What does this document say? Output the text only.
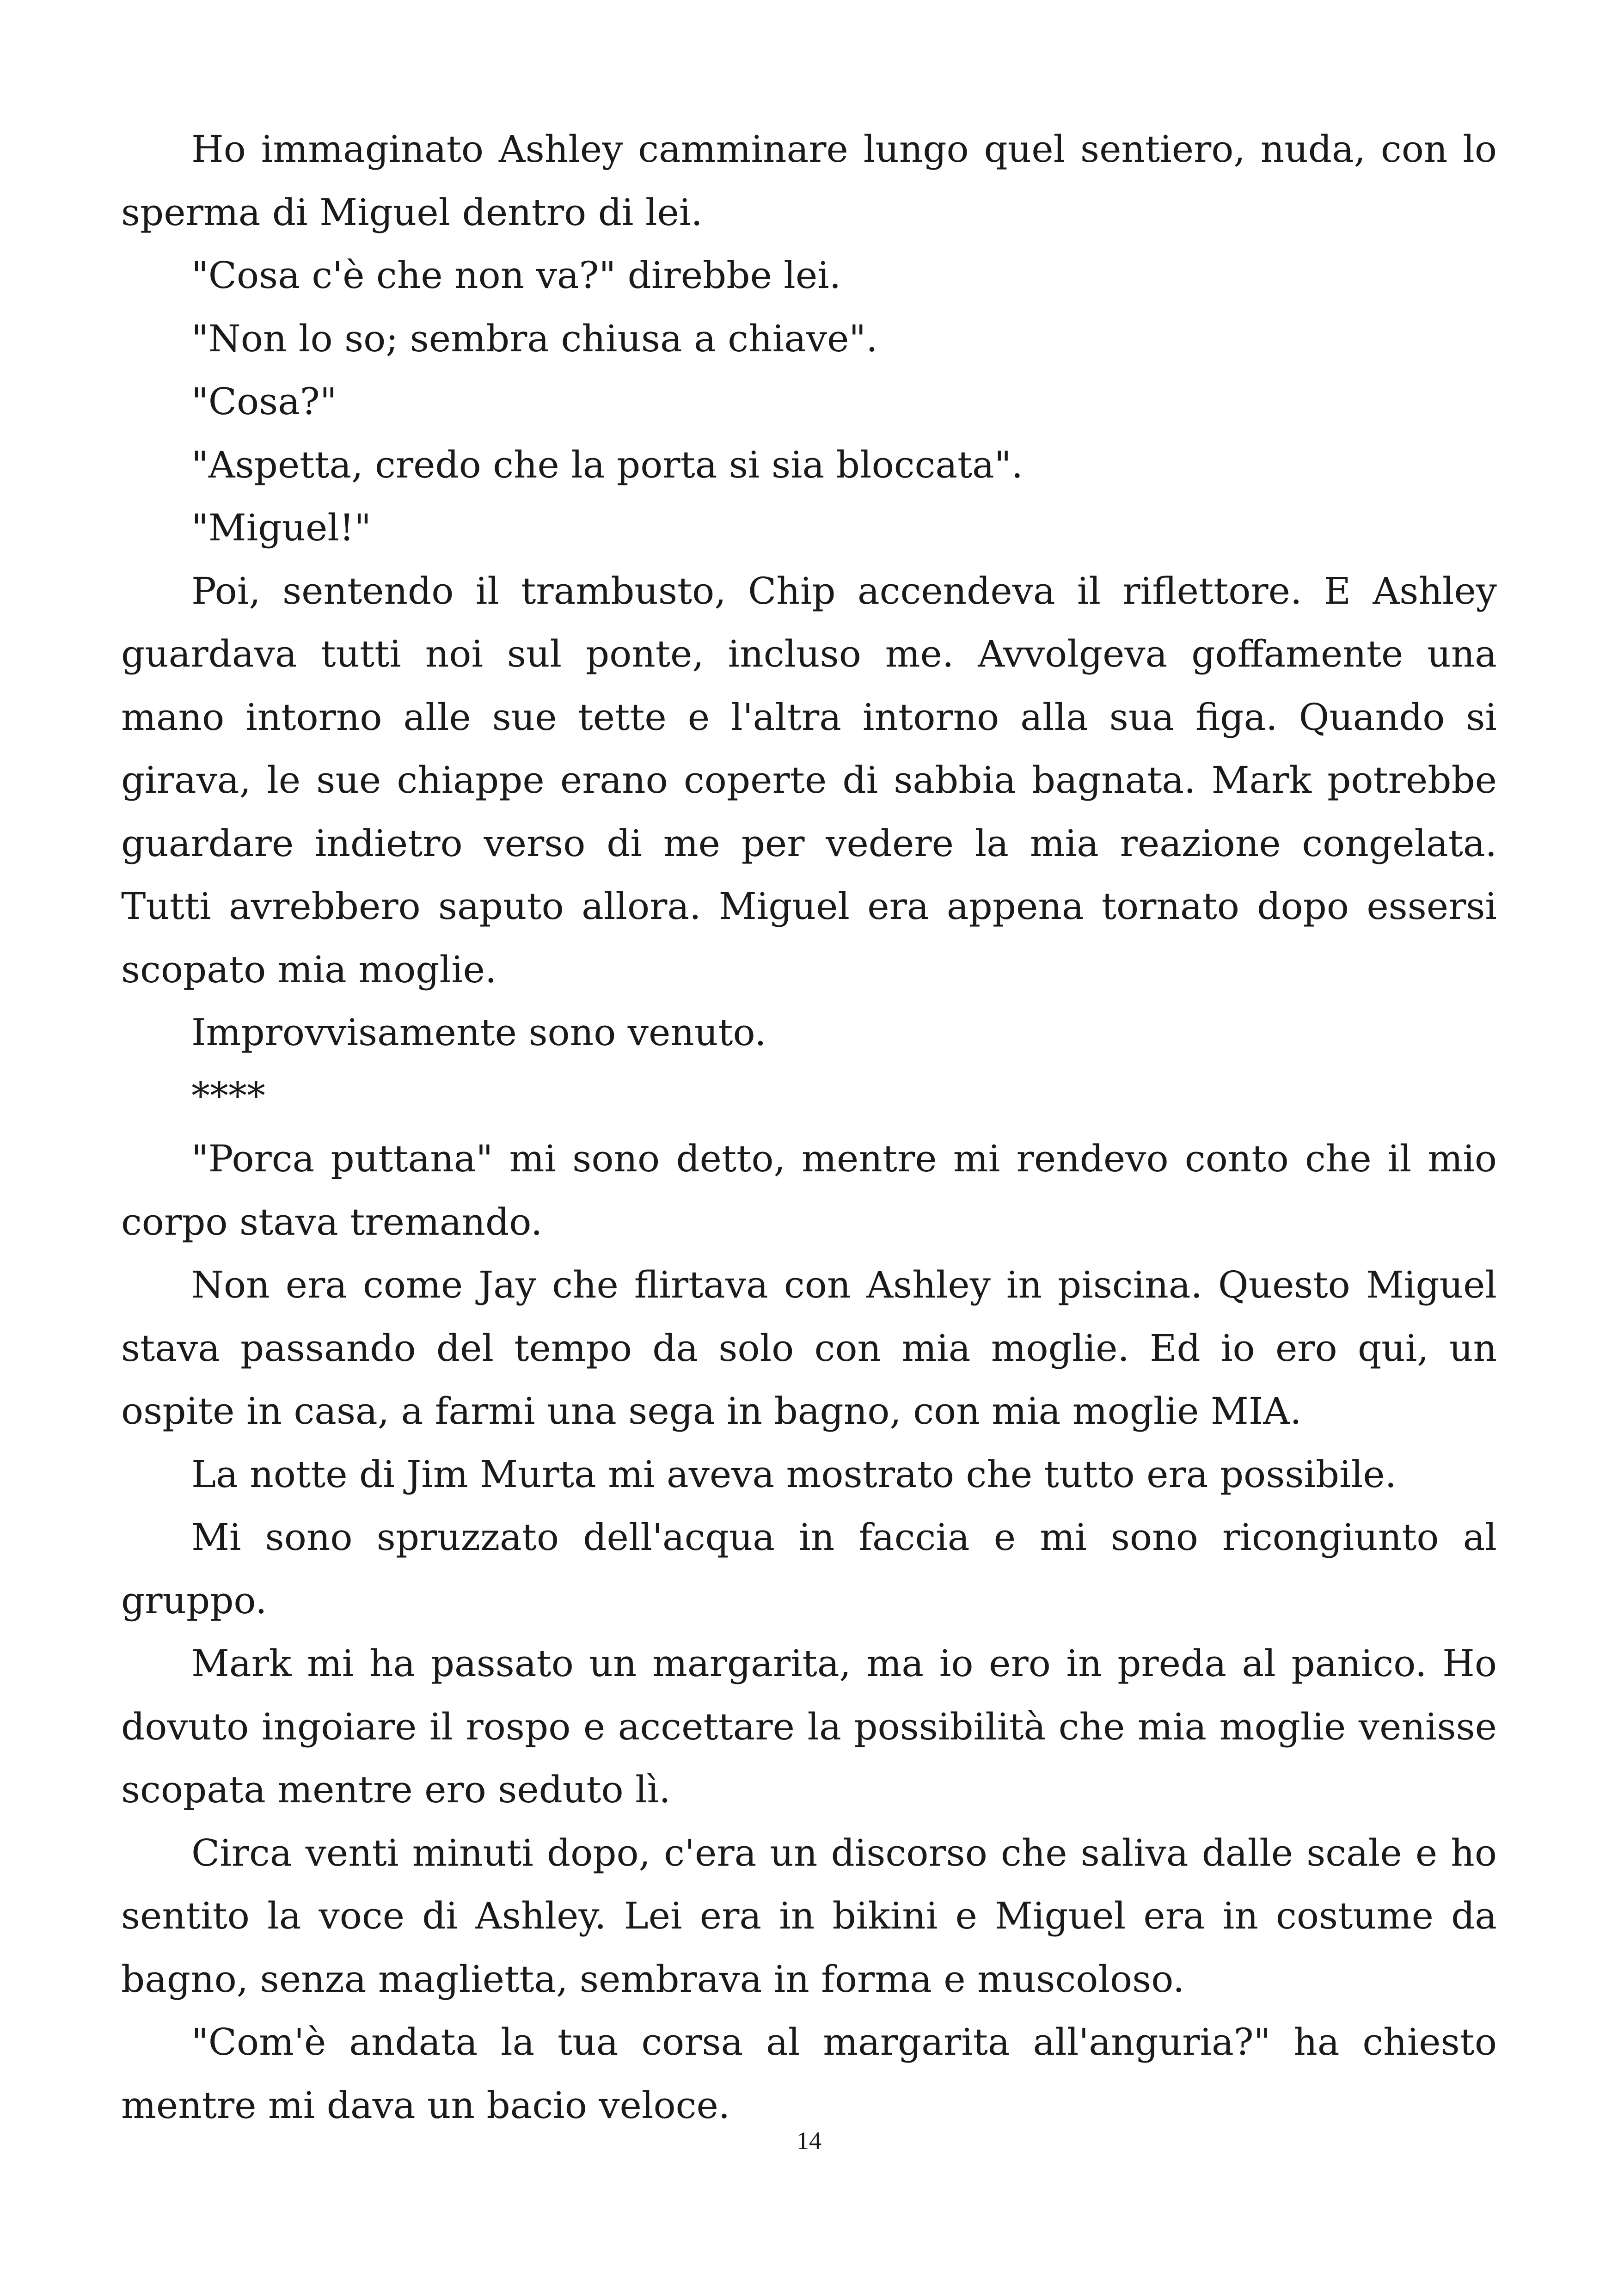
Ho immaginato Ashley camminare lungo quel sentiero, nuda, con lo sperma di Miguel dentro di lei.

"Cosa c'è che non va?" direbbe lei.

"Non lo so; sembra chiusa a chiave".

"Cosa?"

"Aspetta, credo che la porta si sia bloccata".

"Miguel!"

Poi, sentendo il trambusto, Chip accendeva il riflettore. E Ashley guardava tutti noi sul ponte, incluso me. Avvolgeva goffamente una mano intorno alle sue tette e l'altra intorno alla sua figa. Quando si girava, le sue chiappe erano coperte di sabbia bagnata. Mark potrebbe guardare indietro verso di me per vedere la mia reazione congelata. Tutti avrebbero saputo allora. Miguel era appena tornato dopo essersi scopato mia moglie.

Improvvisamente sono venuto.

****

"Porca puttana" mi sono detto, mentre mi rendevo conto che il mio corpo stava tremando.

Non era come Jay che flirtava con Ashley in piscina. Questo Miguel stava passando del tempo da solo con mia moglie. Ed io ero qui, un ospite in casa, a farmi una sega in bagno, con mia moglie MIA.

La notte di Jim Murta mi aveva mostrato che tutto era possibile.

Mi sono spruzzato dell'acqua in faccia e mi sono ricongiunto al gruppo.

Mark mi ha passato un margarita, ma io ero in preda al panico. Ho dovuto ingoiare il rospo e accettare la possibilità che mia moglie venisse scopata mentre ero seduto lì.

Circa venti minuti dopo, c'era un discorso che saliva dalle scale e ho sentito la voce di Ashley. Lei era in bikini e Miguel era in costume da bagno, senza maglietta, sembrava in forma e muscoloso.

"Com'è andata la tua corsa al margarita all'anguria?" ha chiesto mentre mi dava un bacio veloce.

14
